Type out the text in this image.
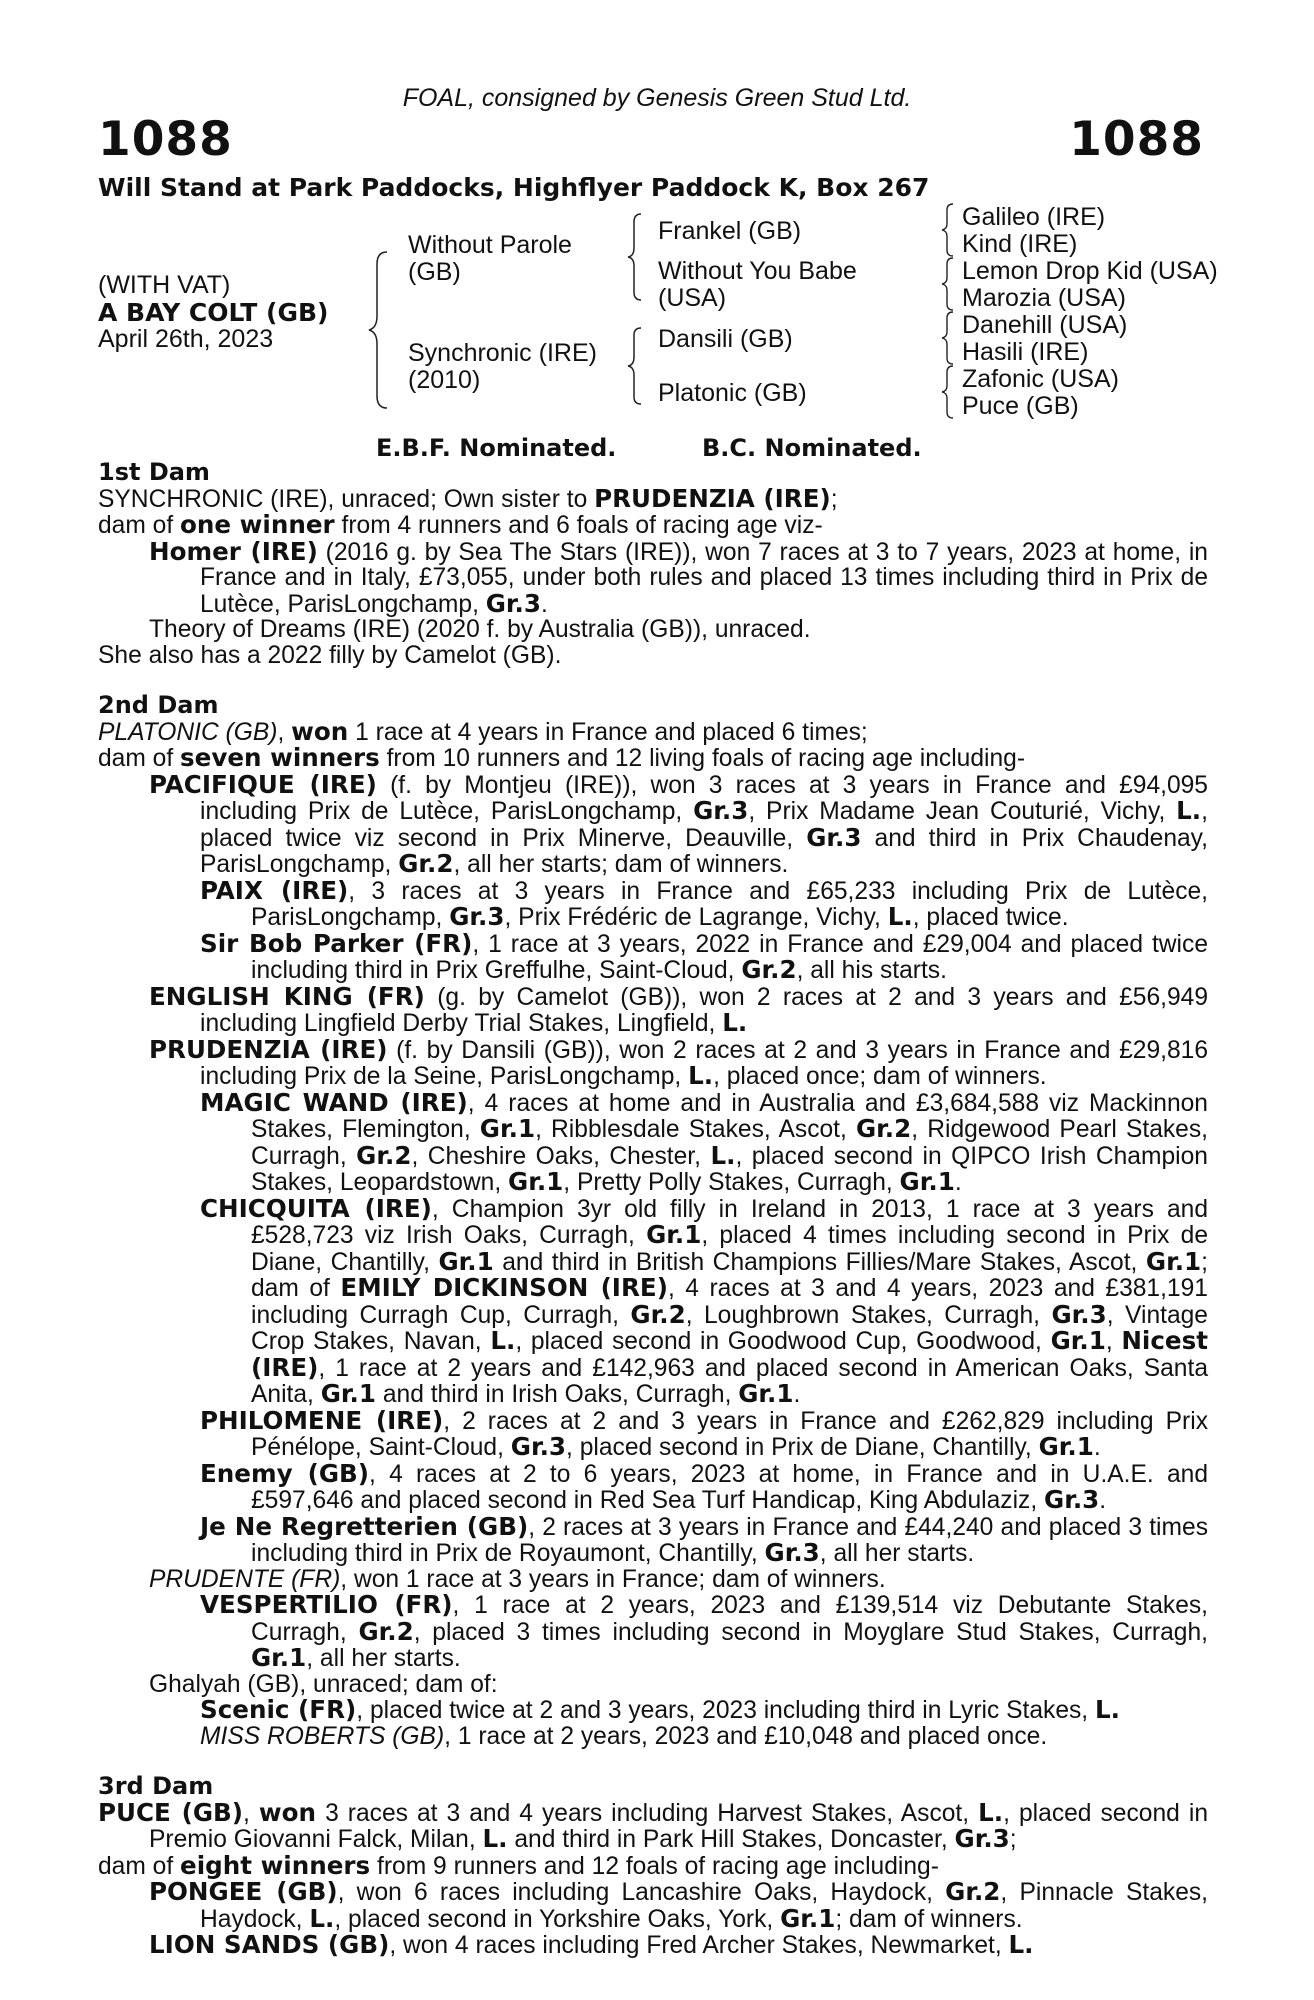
FOAL, consigned by Genesis Green Stud Ltd.
1088	1088
Will Stand at Park Paddocks, Highflyer Paddock K, Box 267
(WITH VAT)
A BAY COLT (GB)
April 26th, 2023
Without Parole
(GB)
Synchronic (IRE)
(2010)
Frankel (GB)
Without You Babe
(USA)
Dansili (GB)
Platonic (GB)
Galileo (IRE)
Kind (IRE)
Lemon Drop Kid (USA)
Marozia (USA)
Danehill (USA)
Hasili (IRE)
Zafonic (USA)
Puce (GB)
E.B.F. Nominated.	B.C. Nominated.

1st Dam

SYNCHRONIC (IRE), unraced; Own sister to PRUDENZIA (IRE);

dam of one winner from 4 runners and 6 foals of racing age viz-

Homer (IRE) (2016 g. by Sea The Stars (IRE)), won 7 races at 3 to 7 years, 2023 at home, in France and in Italy, £73,055, under both rules and placed 13 times including third in Prix de Lutèce, ParisLongchamp, Gr.3.

Theory of Dreams (IRE) (2020 f. by Australia (GB)), unraced.

She also has a 2022 filly by Camelot (GB).

2nd Dam

PLATONIC (GB), won 1 race at 4 years in France and placed 6 times;

dam of seven winners from 10 runners and 12 living foals of racing age including-

PACIFIQUE (IRE) (f. by Montjeu (IRE)), won 3 races at 3 years in France and £94,095 including Prix de Lutèce, ParisLongchamp, Gr.3, Prix Madame Jean Couturié, Vichy, L., placed twice viz second in Prix Minerve, Deauville, Gr.3 and third in Prix Chaudenay, ParisLongchamp, Gr.2, all her starts; dam of winners.

PAIX (IRE), 3 races at 3 years in France and £65,233 including Prix de Lutèce, ParisLongchamp, Gr.3, Prix Frédéric de Lagrange, Vichy, L., placed twice.

Sir Bob Parker (FR), 1 race at 3 years, 2022 in France and £29,004 and placed twice including third in Prix Greffulhe, Saint-Cloud, Gr.2, all his starts.

ENGLISH KING (FR) (g. by Camelot (GB)), won 2 races at 2 and 3 years and £56,949 including Lingfield Derby Trial Stakes, Lingfield, L.

PRUDENZIA (IRE) (f. by Dansili (GB)), won 2 races at 2 and 3 years in France and £29,816 including Prix de la Seine, ParisLongchamp, L., placed once; dam of winners.

MAGIC WAND (IRE), 4 races at home and in Australia and £3,684,588 viz Mackinnon Stakes, Flemington, Gr.1, Ribblesdale Stakes, Ascot, Gr.2, Ridgewood Pearl Stakes, Curragh, Gr.2, Cheshire Oaks, Chester, L., placed second in QIPCO Irish Champion Stakes, Leopardstown, Gr.1, Pretty Polly Stakes, Curragh, Gr.1.

CHICQUITA (IRE), Champion 3yr old filly in Ireland in 2013, 1 race at 3 years and £528,723 viz Irish Oaks, Curragh, Gr.1, placed 4 times including second in Prix de Diane, Chantilly, Gr.1 and third in British Champions Fillies/Mare Stakes, Ascot, Gr.1; dam of EMILY DICKINSON (IRE), 4 races at 3 and 4 years, 2023 and £381,191 including Curragh Cup, Curragh, Gr.2, Loughbrown Stakes, Curragh, Gr.3, Vintage Crop Stakes, Navan, L., placed second in Goodwood Cup, Goodwood, Gr.1, Nicest (IRE), 1 race at 2 years and £142,963 and placed second in American Oaks, Santa Anita, Gr.1 and third in Irish Oaks, Curragh, Gr.1.

PHILOMENE (IRE), 2 races at 2 and 3 years in France and £262,829 including Prix Pénélope, Saint-Cloud, Gr.3, placed second in Prix de Diane, Chantilly, Gr.1.

Enemy (GB), 4 races at 2 to 6 years, 2023 at home, in France and in U.A.E. and £597,646 and placed second in Red Sea Turf Handicap, King Abdulaziz, Gr.3.

Je Ne Regretterien (GB), 2 races at 3 years in France and £44,240 and placed 3 times including third in Prix de Royaumont, Chantilly, Gr.3, all her starts.

PRUDENTE (FR), won 1 race at 3 years in France; dam of winners.

VESPERTILIO (FR), 1 race at 2 years, 2023 and £139,514 viz Debutante Stakes, Curragh, Gr.2, placed 3 times including second in Moyglare Stud Stakes, Curragh, Gr.1, all her starts.

Ghalyah (GB), unraced; dam of:

Scenic (FR), placed twice at 2 and 3 years, 2023 including third in Lyric Stakes, L.

MISS ROBERTS (GB), 1 race at 2 years, 2023 and £10,048 and placed once.

3rd Dam

PUCE (GB), won 3 races at 3 and 4 years including Harvest Stakes, Ascot, L., placed second in Premio Giovanni Falck, Milan, L. and third in Park Hill Stakes, Doncaster, Gr.3;

dam of eight winners from 9 runners and 12 foals of racing age including-

PONGEE (GB), won 6 races including Lancashire Oaks, Haydock, Gr.2, Pinnacle Stakes, Haydock, L., placed second in Yorkshire Oaks, York, Gr.1; dam of winners.

LION SANDS (GB), won 4 races including Fred Archer Stakes, Newmarket, L.
